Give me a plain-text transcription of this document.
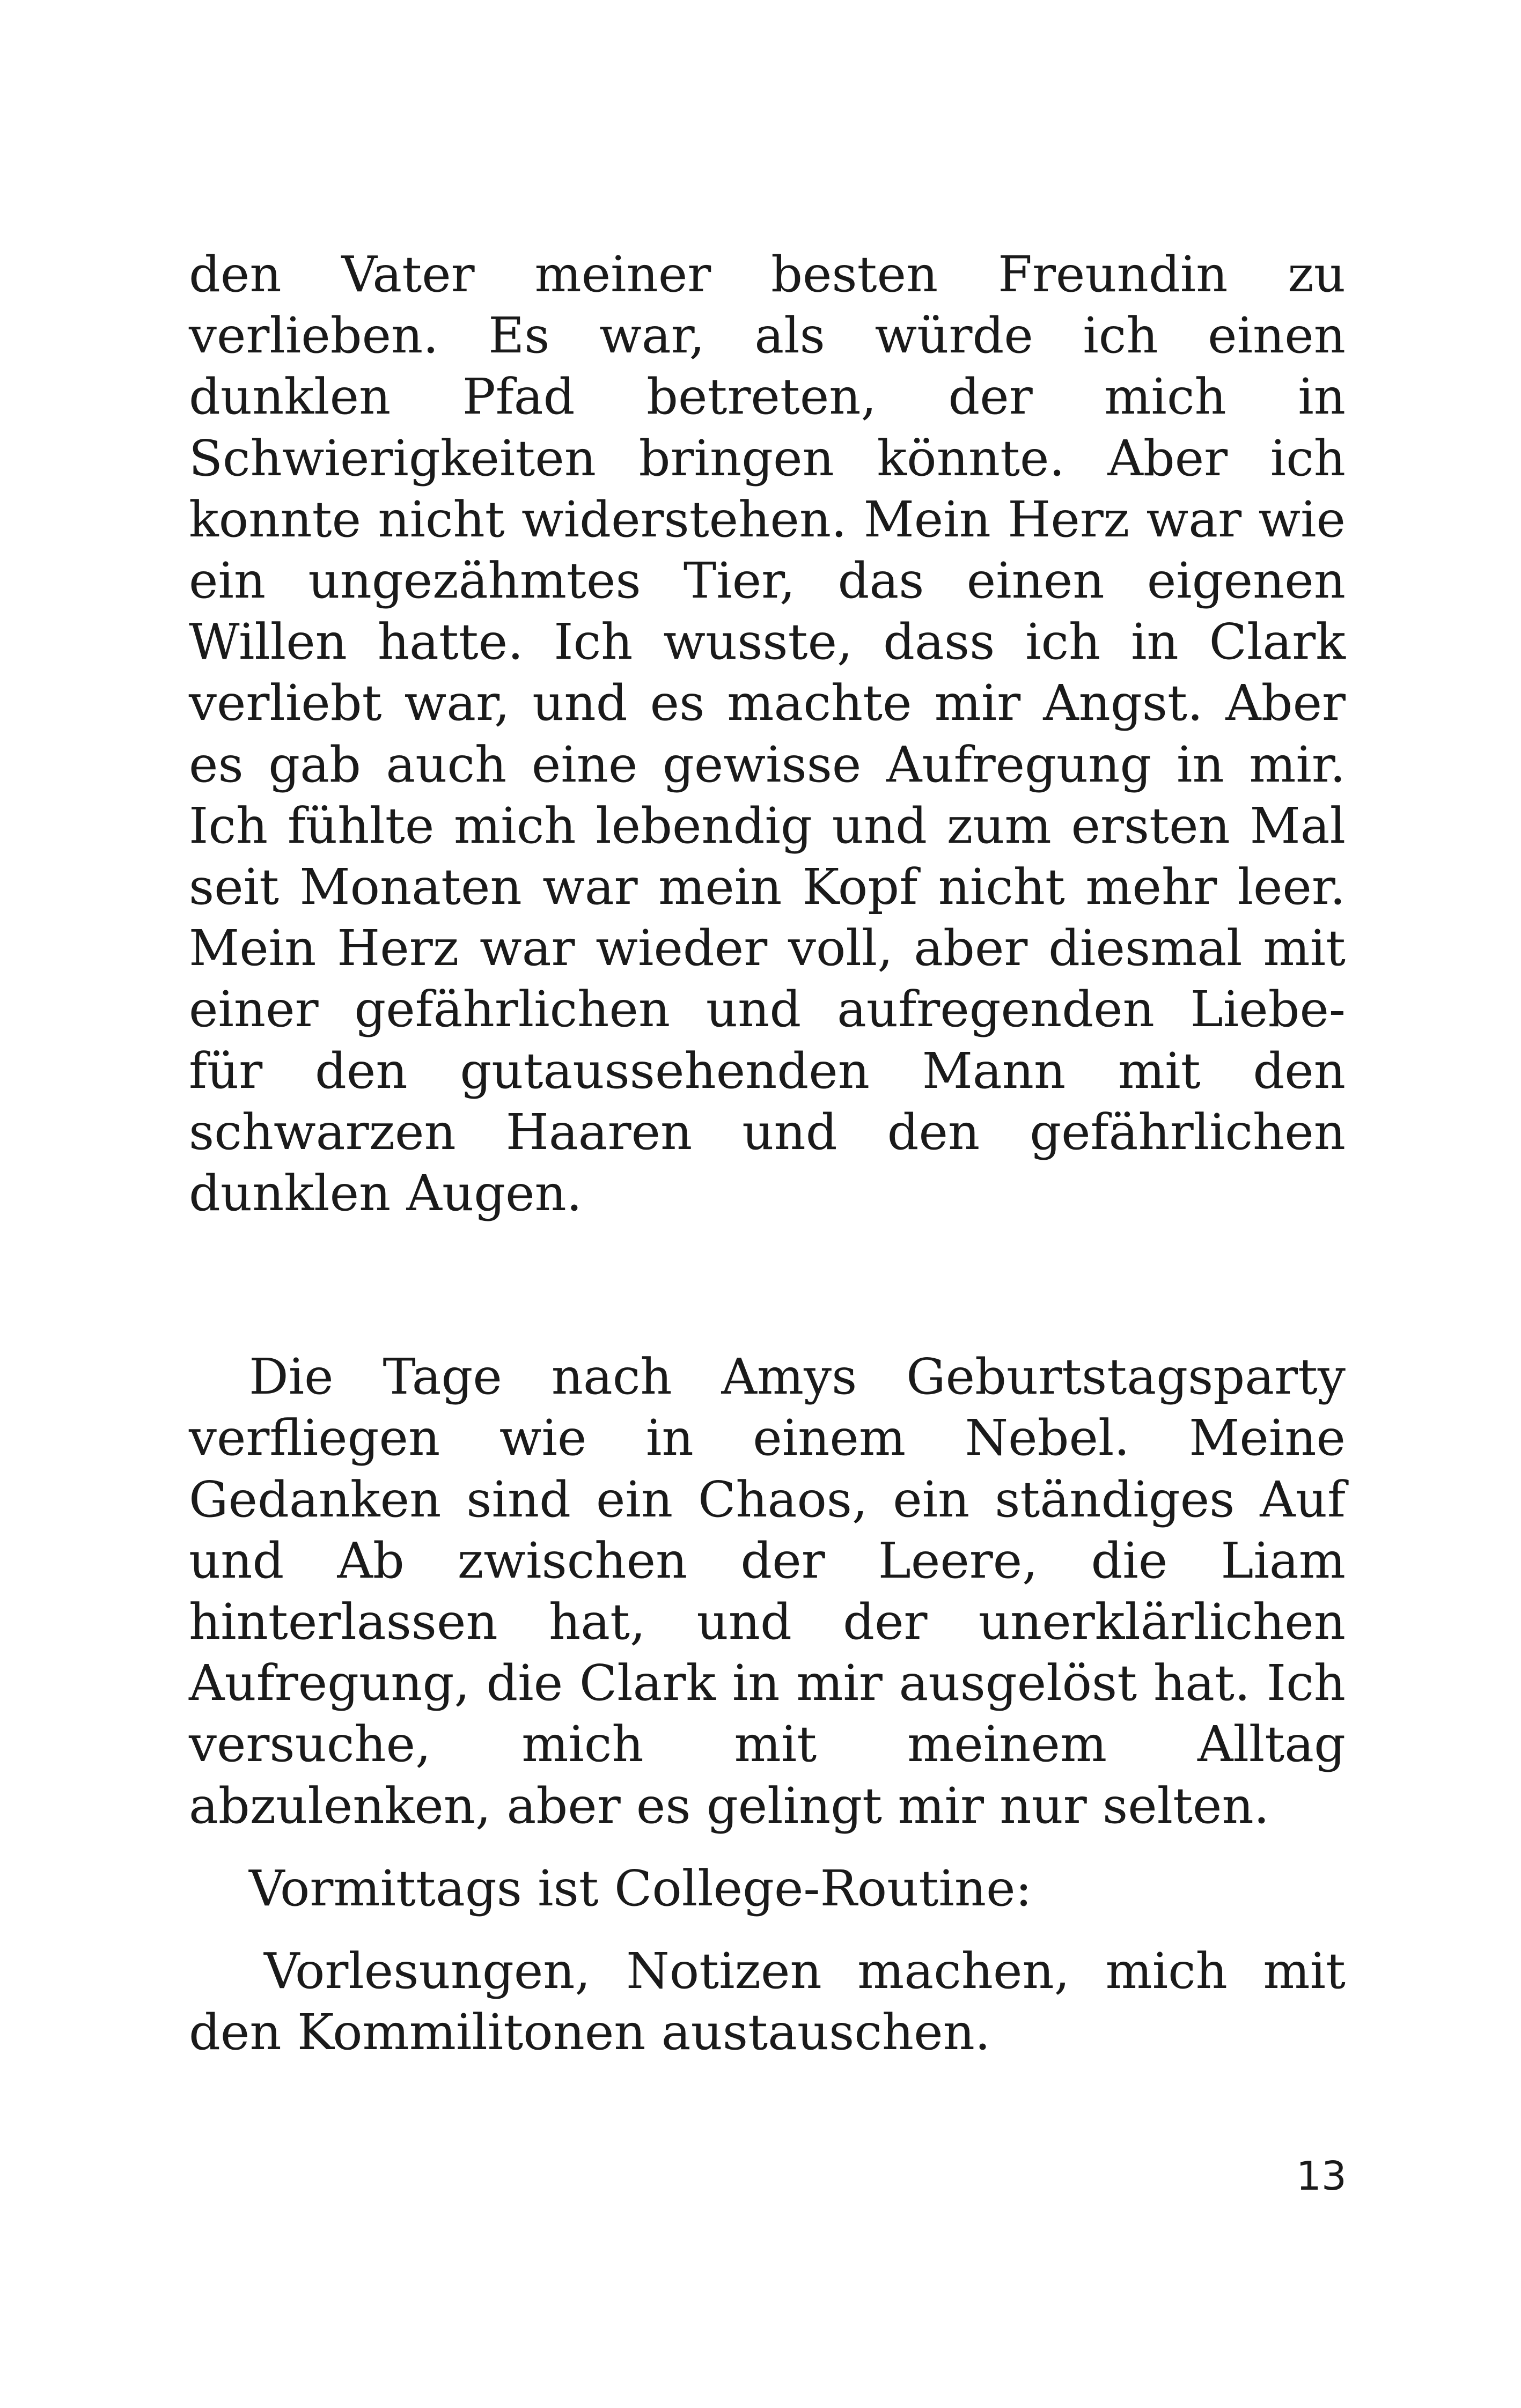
den Vater meiner besten Freundin zu verlieben. Es war, als würde ich einen dunklen Pfad betreten, der mich in Schwierigkeiten bringen könnte. Aber ich konnte nicht widerstehen. Mein Herz war wie ein ungezähmtes Tier, das einen eigenen Willen hatte. Ich wusste, dass ich in Clark verliebt war, und es machte mir Angst. Aber es gab auch eine gewisse Aufregung in mir. Ich fühlte mich lebendig und zum ersten Mal seit Monaten war mein Kopf nicht mehr leer. Mein Herz war wieder voll, aber diesmal mit einer gefährlichen und aufregenden Liebe- für den gutaussehenden Mann mit den schwarzen Haaren und den gefährlichen dunklen Augen.

Die Tage nach Amys Geburtstagsparty verfliegen wie in einem Nebel. Meine Gedanken sind ein Chaos, ein ständiges Auf und Ab zwischen der Leere, die Liam hinterlassen hat, und der unerklärlichen Aufregung, die Clark in mir ausgelöst hat. Ich versuche, mich mit meinem Alltag abzulenken, aber es gelingt mir nur selten.

Vormittags ist College-Routine:

Vorlesungen, Notizen machen, mich mit den Kommilitonen austauschen.

13
